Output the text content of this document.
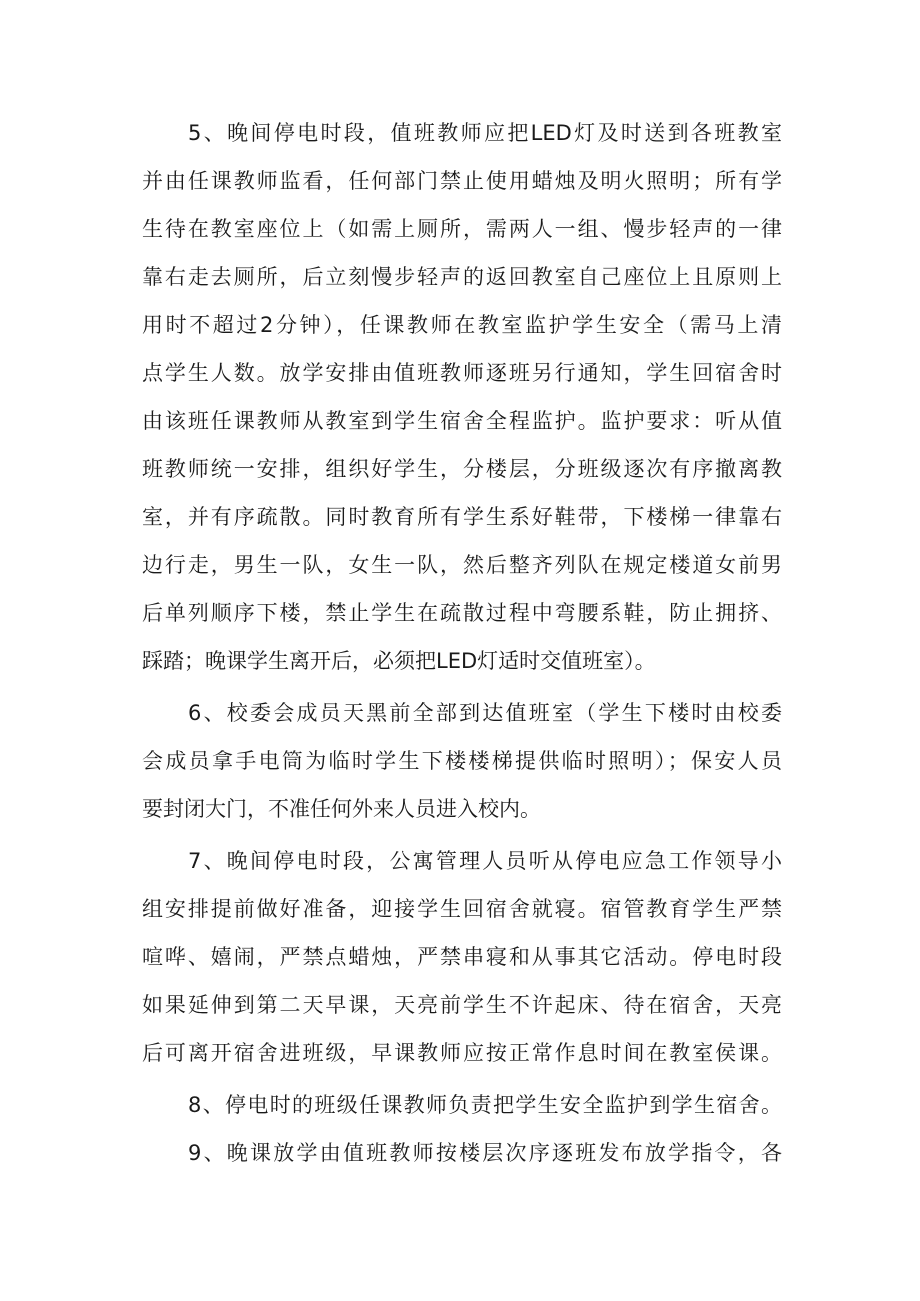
5、晚间停电时段，值班教师应把LED灯及时送到各班教室
并由任课教师监看，任何部门禁止使用蜡烛及明火照明；所有学
生待在教室座位上（如需上厕所，需两人一组、慢步轻声的一律
靠右走去厕所，后立刻慢步轻声的返回教室自己座位上且原则上
用时不超过2分钟），任课教师在教室监护学生安全（需马上清
点学生人数。放学安排由值班教师逐班另行通知，学生回宿舍时
由该班任课教师从教室到学生宿舍全程监护。监护要求：听从值
班教师统一安排，组织好学生，分楼层，分班级逐次有序撤离教
室，并有序疏散。同时教育所有学生系好鞋带，下楼梯一律靠右
边行走，男生一队，女生一队，然后整齐列队在规定楼道女前男
后单列顺序下楼，禁止学生在疏散过程中弯腰系鞋，防止拥挤、
踩踏；晚课学生离开后，必须把LED灯适时交值班室）。
6、校委会成员天黑前全部到达值班室（学生下楼时由校委
会成员拿手电筒为临时学生下楼楼梯提供临时照明）；保安人员
要封闭大门，不准任何外来人员进入校内。
7、晚间停电时段，公寓管理人员听从停电应急工作领导小
组安排提前做好准备，迎接学生回宿舍就寝。宿管教育学生严禁
喧哗、嬉闹，严禁点蜡烛，严禁串寝和从事其它活动。停电时段
如果延伸到第二天早课，天亮前学生不许起床、待在宿舍，天亮
后可离开宿舍进班级，早课教师应按正常作息时间在教室侯课。
8、停电时的班级任课教师负责把学生安全监护到学生宿舍。
9、晚课放学由值班教师按楼层次序逐班发布放学指令，各
